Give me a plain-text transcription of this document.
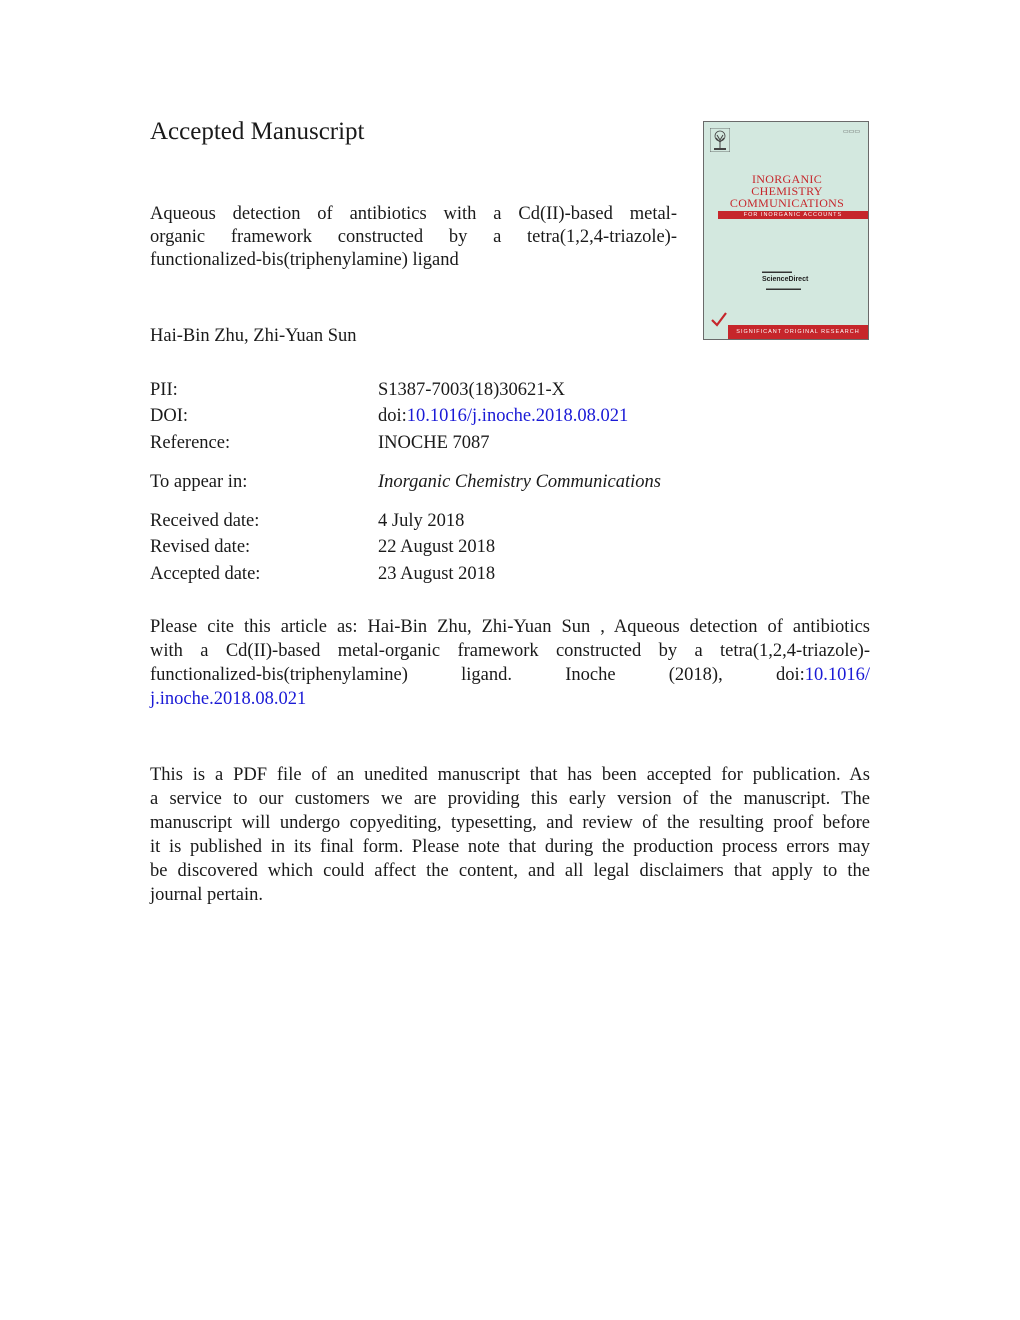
Accepted Manuscript
Aqueous detection of antibiotics with a Cd(II)-based metal-
organic framework constructed by a tetra(1,2,4-triazole)-
functionalized-bis(triphenylamine) ligand
Hai-Bin Zhu, Zhi-Yuan Sun
PII:	S1387-7003(18)30621-X
DOI:	doi:10.1016/j.inoche.2018.08.021
Reference:	INOCHE 7087
To appear in:	Inorganic Chemistry Communications
Received date:	4 July 2018
Revised date:	22 August 2018
Accepted date:	23 August 2018
Please cite this article as: Hai-Bin Zhu, Zhi-Yuan Sun , Aqueous detection of antibiotics
with a Cd(II)-based metal-organic framework constructed by a tetra(1,2,4-triazole)-
functionalized-bis(triphenylamine) ligand. Inoche (2018), doi:10.1016/
j.inoche.2018.08.021
This is a PDF file of an unedited manuscript that has been accepted for publication. As
a service to our customers we are providing this early version of the manuscript. The
manuscript will undergo copyediting, typesetting, and review of the resulting proof before
it is published in its final form. Please note that during the production process errors may
be discovered which could affect the content, and all legal disclaimers that apply to the
journal pertain.
▭▭▭
INORGANIC
CHEMISTRY
COMMUNICATIONS
FOR INORGANIC ACCOUNTS
▬▬▬▬▬▬
ScienceDirect
▬▬▬▬▬▬▬
SIGNIFICANT ORIGINAL RESEARCH
